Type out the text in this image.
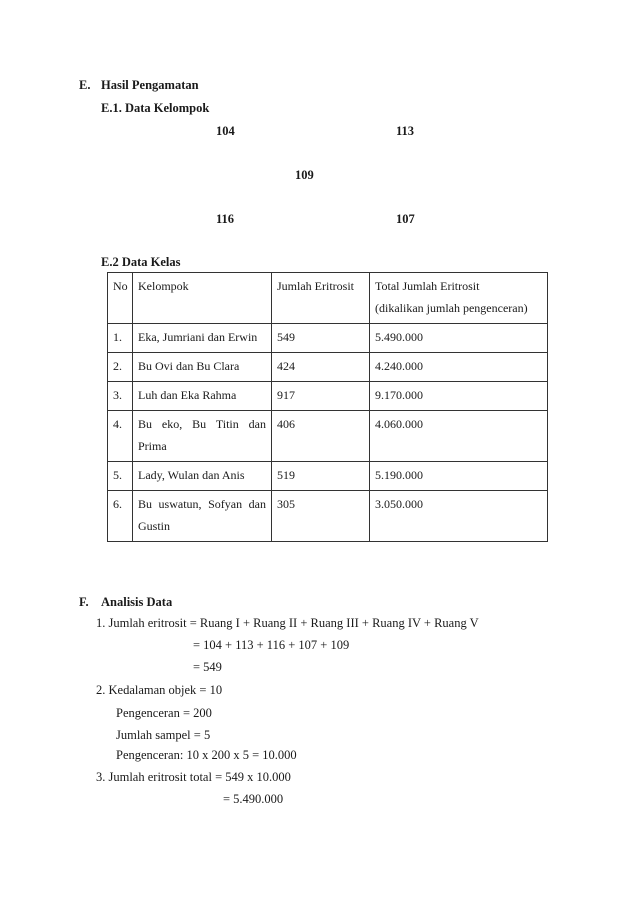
E. Hasil Pengamatan
E.1. Data Kelompok
104	113
109
116	107
E.2 Data Kelas
No	Kelompok	Jumlah Eritrosit	Total Jumlah Eritrosit
(dikalikan jumlah pengenceran)
1.	Eka, Jumriani dan Erwin	549	5.490.000
2.	Bu Ovi dan Bu Clara	424	4.240.000
3.	Luh dan Eka Rahma	917	9.170.000
4.	Bu eko, Bu Titin dan Prima	406	4.060.000
5.	Lady, Wulan dan Anis	519	5.190.000
6.	Bu uswatun, Sofyan dan Gustin	305	3.050.000
F. Analisis Data
1. Jumlah eritrosit = Ruang I + Ruang II + Ruang III + Ruang IV + Ruang V
= 104 + 113 + 116 + 107 + 109
= 549
2. Kedalaman objek = 10
Pengenceran = 200
Jumlah sampel = 5
Pengenceran: 10 x 200 x 5 = 10.000
3. Jumlah eritrosit total = 549 x 10.000
= 5.490.000
